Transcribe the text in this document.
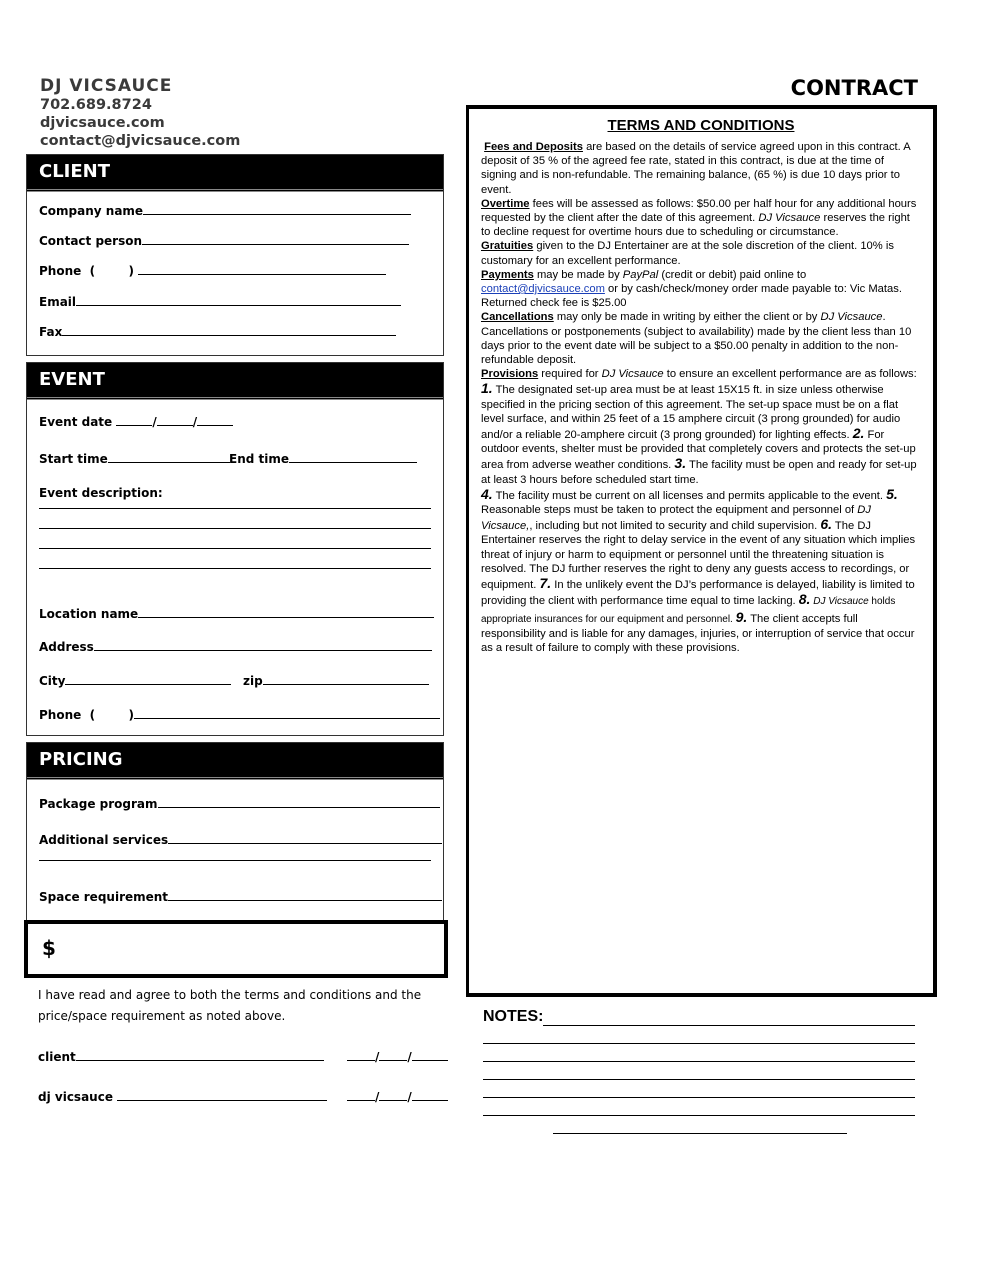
DJ VICSAUCE
702.689.8724
djvicsauce.com
contact@djvicsauce.com
CONTRACT
CLIENT
Company name
Contact person
Phone  (        )
Email
Fax
EVENT
Event date	/	/
Start time	End time
Event description:
Location name
Address
City	zip
Phone  (        )
PRICING
Package program
Additional services
Space requirement
$
I have read and agree to both the terms and conditions and the price/space requirement as noted above.
client	/ /
dj vicsauce	/ /
TERMS AND CONDITIONS

Fees and Deposits are based on the details of service agreed upon in this contract. A deposit of 35 % of the agreed fee rate, stated in this contract, is due at the time of signing and is non-refundable. The remaining balance, (65 %) is due 10 days prior to event.

Overtime fees will be assessed as follows: $50.00 per half hour for any additional hours requested by the client after the date of this agreement. DJ Vicsauce reserves the right to decline request for overtime hours due to scheduling or circumstance.

Gratuities given to the DJ Entertainer are at the sole discretion of the client. 10% is customary for an excellent performance.

Payments may be made by PayPal (credit or debit) paid online to contact@djvicsauce.com or by cash/check/money order made payable to: Vic Matas. Returned check fee is $25.00

Cancellations may only be made in writing by either the client or by DJ Vicsauce. Cancellations or postponements (subject to availability) made by the client less than 10 days prior to the event date will be subject to a $50.00 penalty in addition to the non-refundable deposit.

Provisions required for DJ Vicsauce to ensure an excellent performance are as follows:

1. The designated set-up area must be at least 15X15 ft. in size unless otherwise specified in the pricing section of this agreement. The set-up space must be on a flat level surface, and within 25 feet of a 15 amphere circuit (3 prong grounded) for audio and/or a reliable 20-amphere circuit (3 prong grounded) for lighting effects. 2. For outdoor events, shelter must be provided that completely covers and protects the set-up area from adverse weather conditions. 3. The facility must be open and ready for set-up at least 3 hours before scheduled start time.

4. The facility must be current on all licenses and permits applicable to the event. 5. Reasonable steps must be taken to protect the equipment and personnel of DJ Vicsauce,, including but not limited to security and child supervision. 6. The DJ Entertainer reserves the right to delay service in the event of any situation which implies threat of injury or harm to equipment or personnel until the threatening situation is resolved. The DJ further reserves the right to deny any guests access to recordings, or equipment. 7. In the unlikely event the DJ’s performance is delayed, liability is limited to providing the client with performance time equal to time lacking. 8. DJ Vicsauce holds appropriate insurances for our equipment and personnel. 9. The client accepts full responsibility and is liable for any damages, injuries, or interruption of service that occur as a result of failure to comply with these provisions.

NOTES:
